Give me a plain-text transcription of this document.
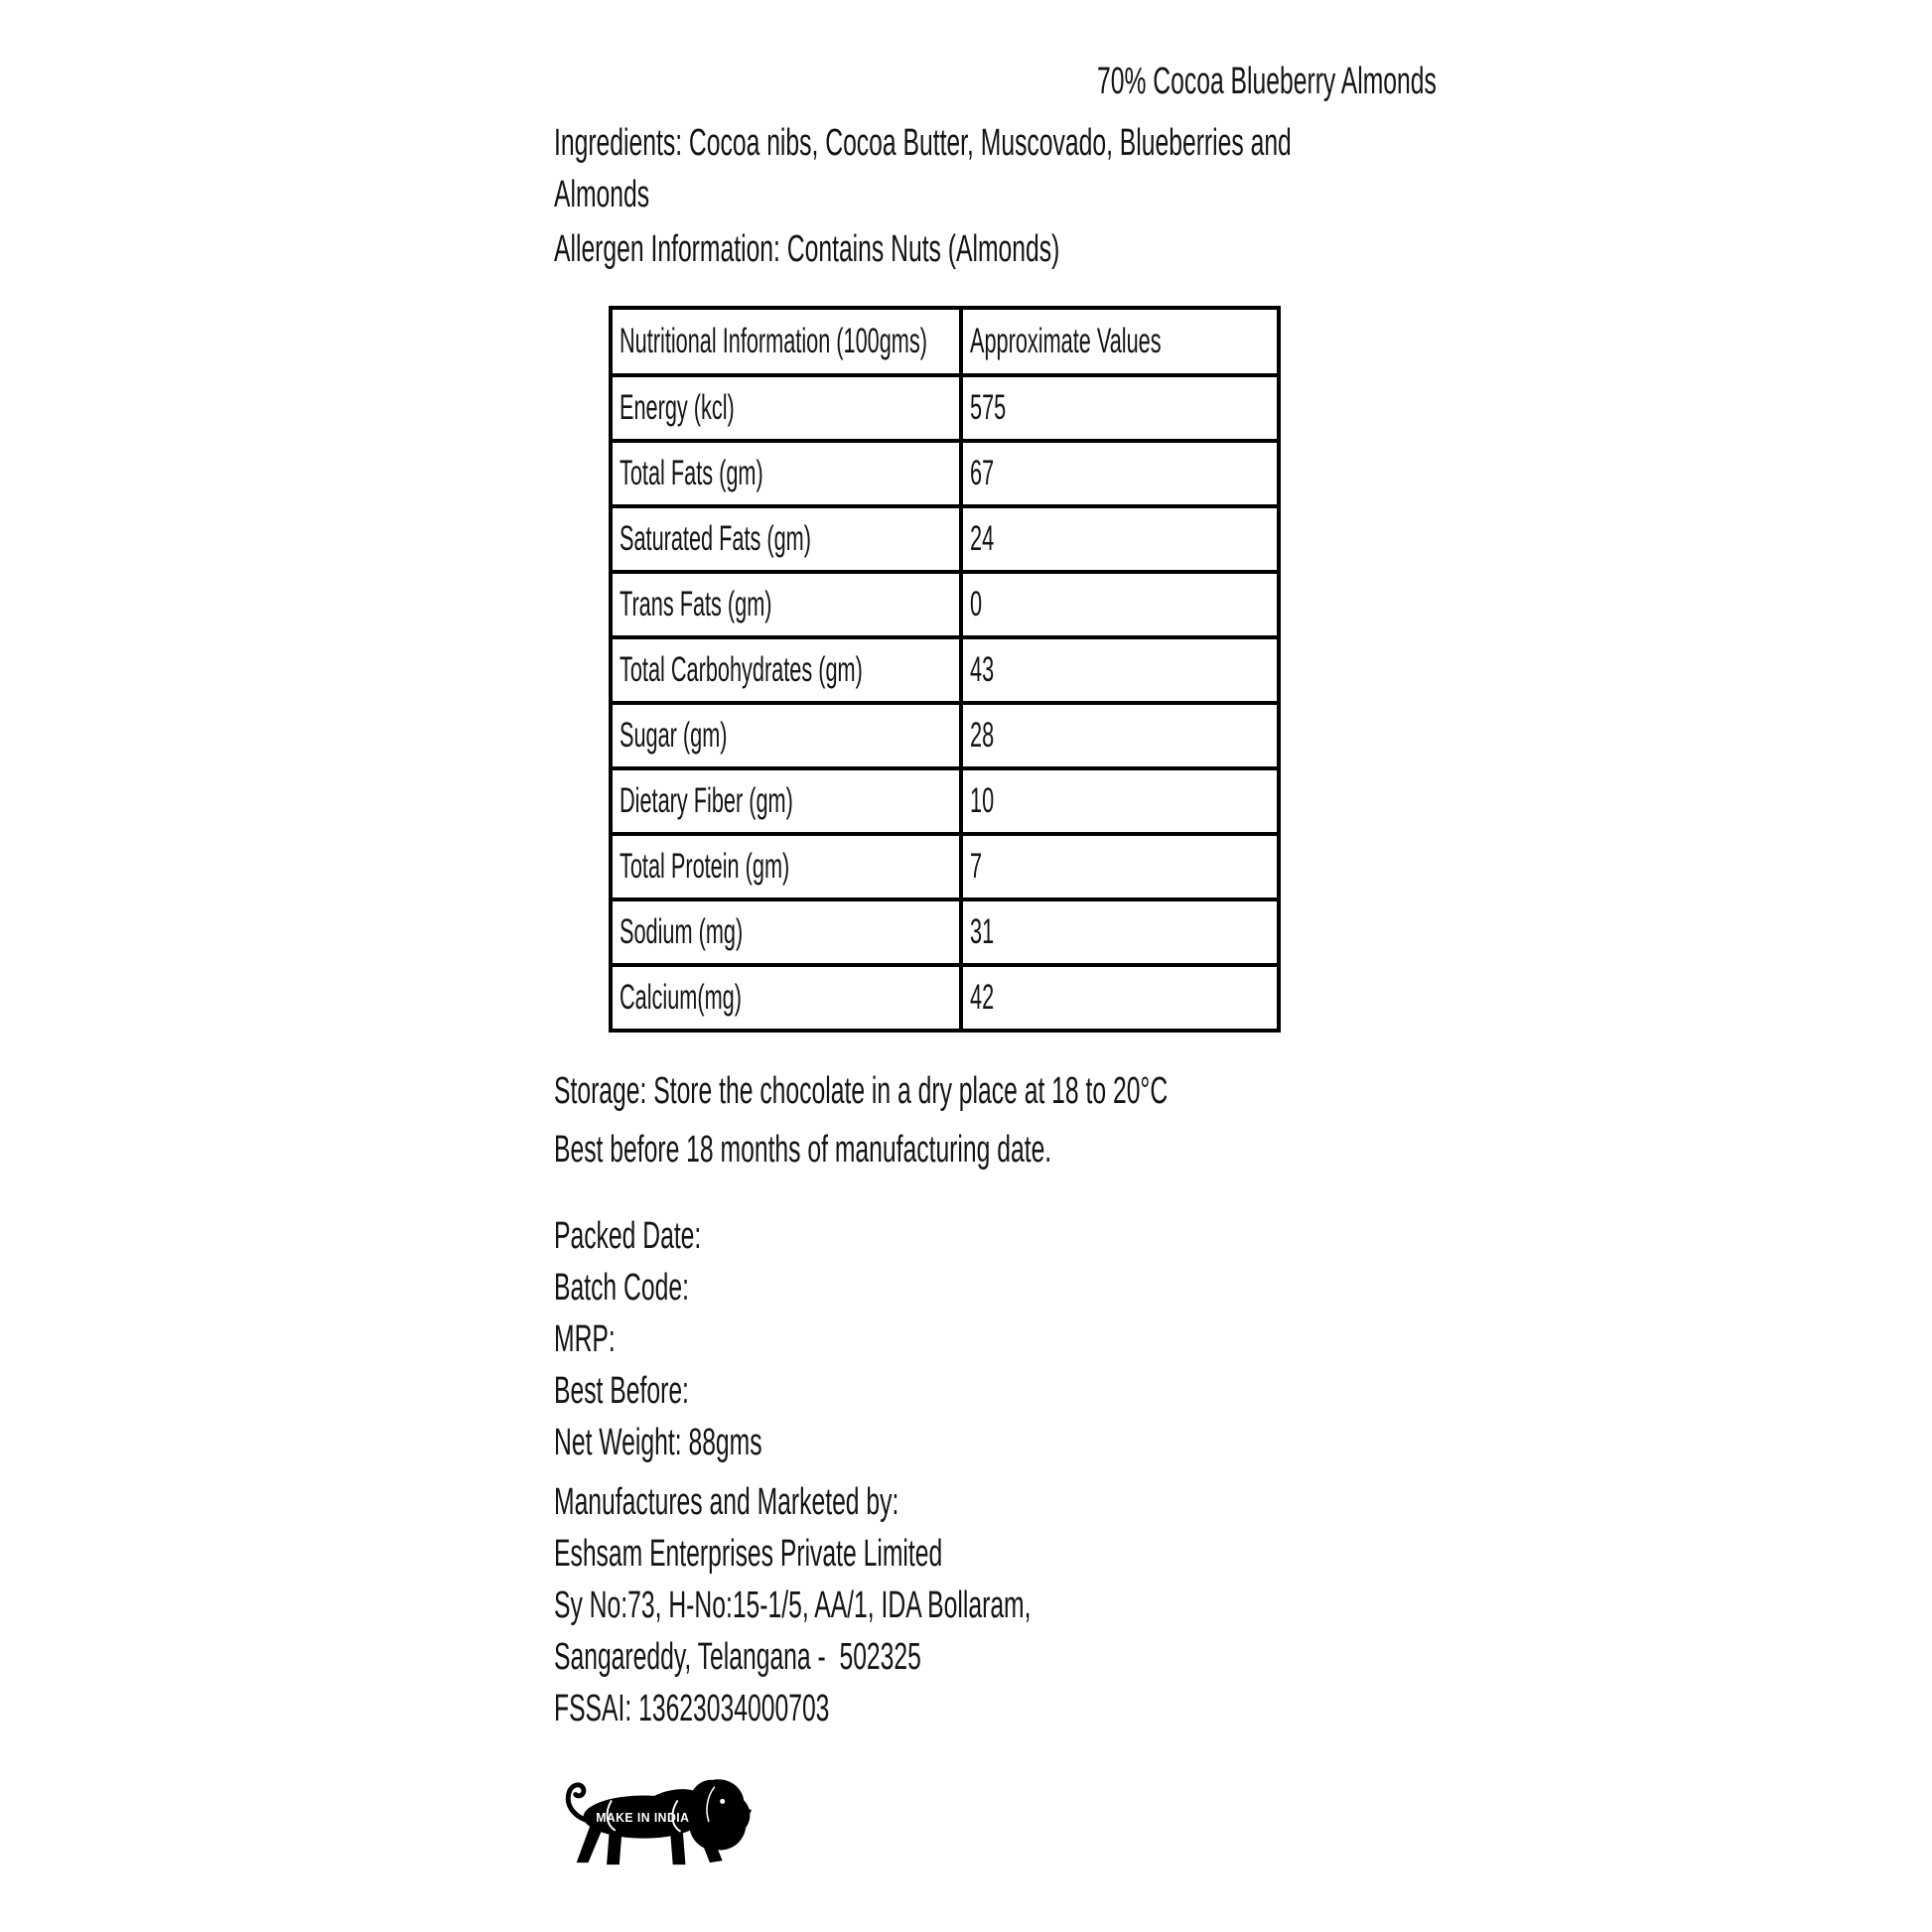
70% Cocoa Blueberry Almonds
Ingredients: Cocoa nibs, Cocoa Butter, Muscovado, Blueberries and
Almonds
Allergen Information: Contains Nuts (Almonds)
Nutritional Information (100gms)	Approximate Values
Energy (kcl)	575
Total Fats (gm)	67
Saturated Fats (gm)	24
Trans Fats (gm)	0
Total Carbohydrates (gm)	43
Sugar (gm)	28
Dietary Fiber (gm)	10
Total Protein (gm)	7
Sodium (mg)	31
Calcium(mg)	42
Storage: Store the chocolate in a dry place at 18 to 20°C
Best before 18 months of manufacturing date.
Packed Date:
Batch Code:
MRP:
Best Before:
Net Weight: 88gms
Manufactures and Marketed by:
Eshsam Enterprises Private Limited
Sy No:73, H-No:15-1/5, AA/1, IDA Bollaram,
Sangareddy, Telangana -  502325
FSSAI: 13623034000703
MAKE IN INDIA
